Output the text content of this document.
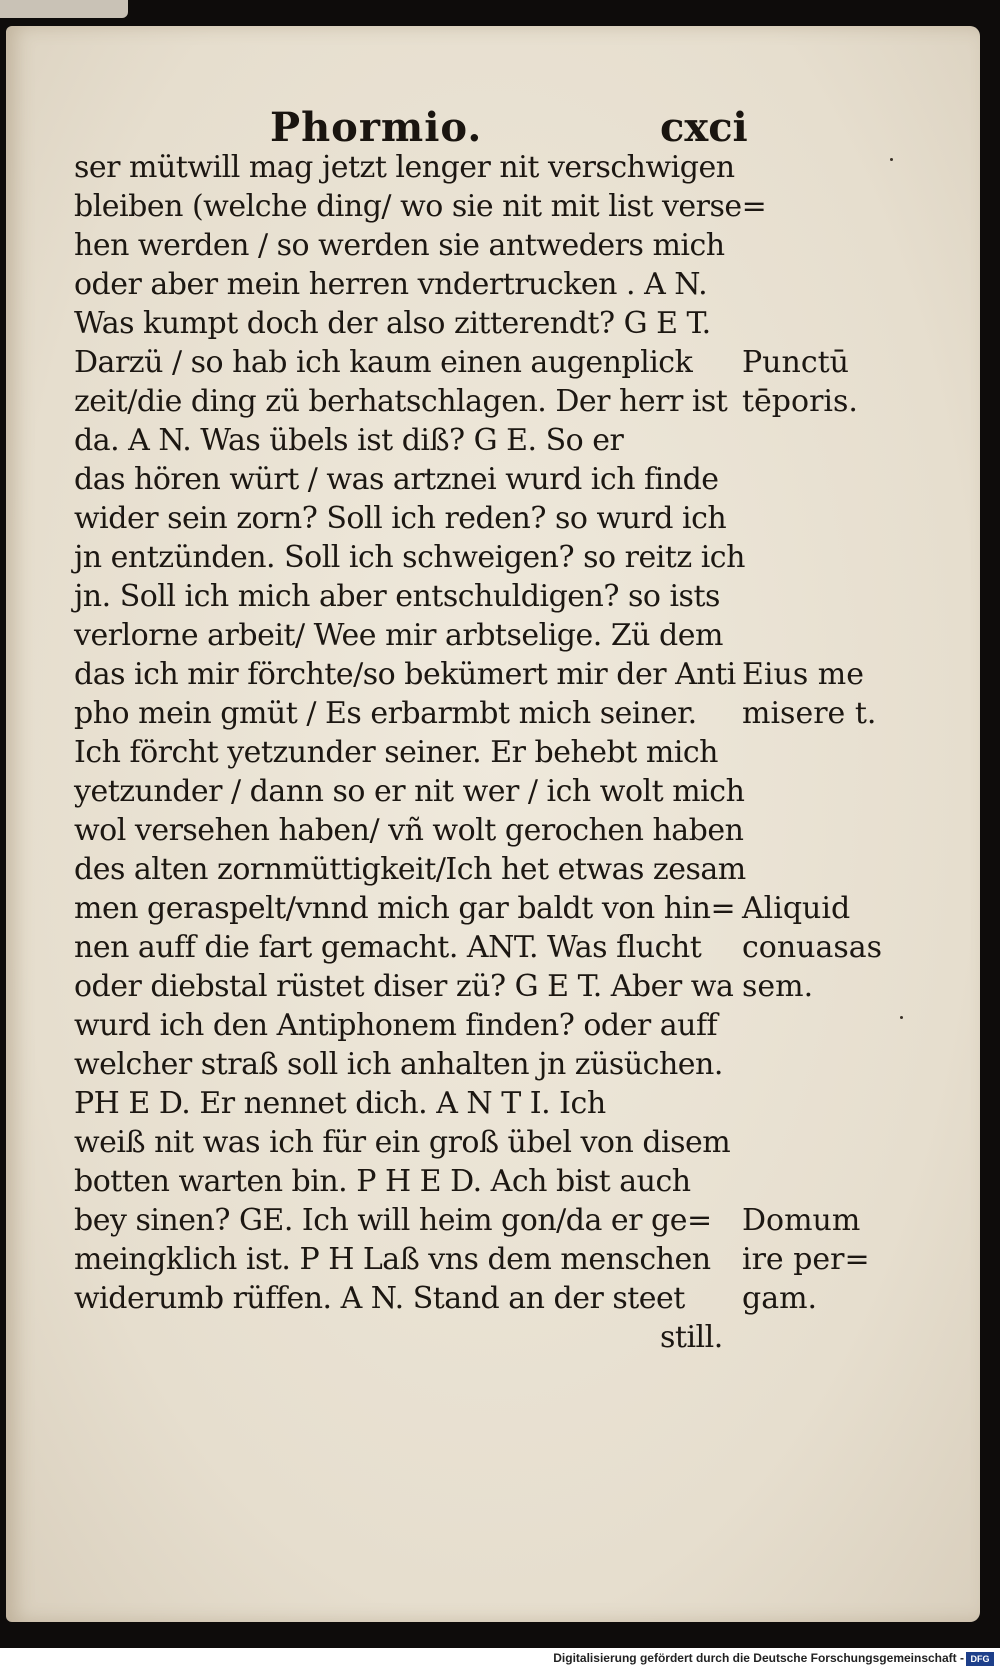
Phormio.	cxci
ser mütwill mag jetzt lenger nit verschwigen
bleiben (welche ding/ wo sie nit mit list verse=
hen werden / so werden sie antweders mich
oder aber mein herren vndertrucken . A N.
Was kumpt doch der also zitterendt? G E T.
Darzü / so hab ich kaum einen augenplick
zeit/die ding zü berhatschlagen. Der herr ist
da. A N. Was übels ist diß? G E. So er
das hören würt / was artznei wurd ich finde
wider sein zorn? Soll ich reden? so wurd ich
jn entzünden. Soll ich schweigen? so reitz ich
jn. Soll ich mich aber entschuldigen? so ists
verlorne arbeit/ Wee mir arbtselige. Zü dem
das ich mir förchte/so bekümert mir der Anti
pho mein gmüt / Es erbarmbt mich seiner.
Ich förcht yetzunder seiner. Er behebt mich
yetzunder / dann so er nit wer / ich wolt mich
wol versehen haben/ vñ wolt gerochen haben
des alten zornmüttigkeit/Ich het etwas zesam
men geraspelt/vnnd mich gar baldt von hin=
nen auff die fart gemacht. ANT. Was flucht
oder diebstal rüstet diser zü? G E T. Aber wa
wurd ich den Antiphonem finden? oder auff
welcher straß soll ich anhalten jn züsüchen.
PH E D. Er nennet dich. A N T I. Ich
weiß nit was ich für ein groß übel von disem
botten warten bin. P H E D. Ach bist auch
bey sinen? GE. Ich will heim gon/da er ge=
meingklich ist. P H Laß vns dem menschen
widerumb rüffen. A N. Stand an der steet
still.
Punctū
tēporis.
Eius me
misere t.
Aliquid
conuasas
sem.
Domum
ire per=
gam.
Digitalisierung gefördert durch die Deutsche Forschungsgemeinschaft - DFG
